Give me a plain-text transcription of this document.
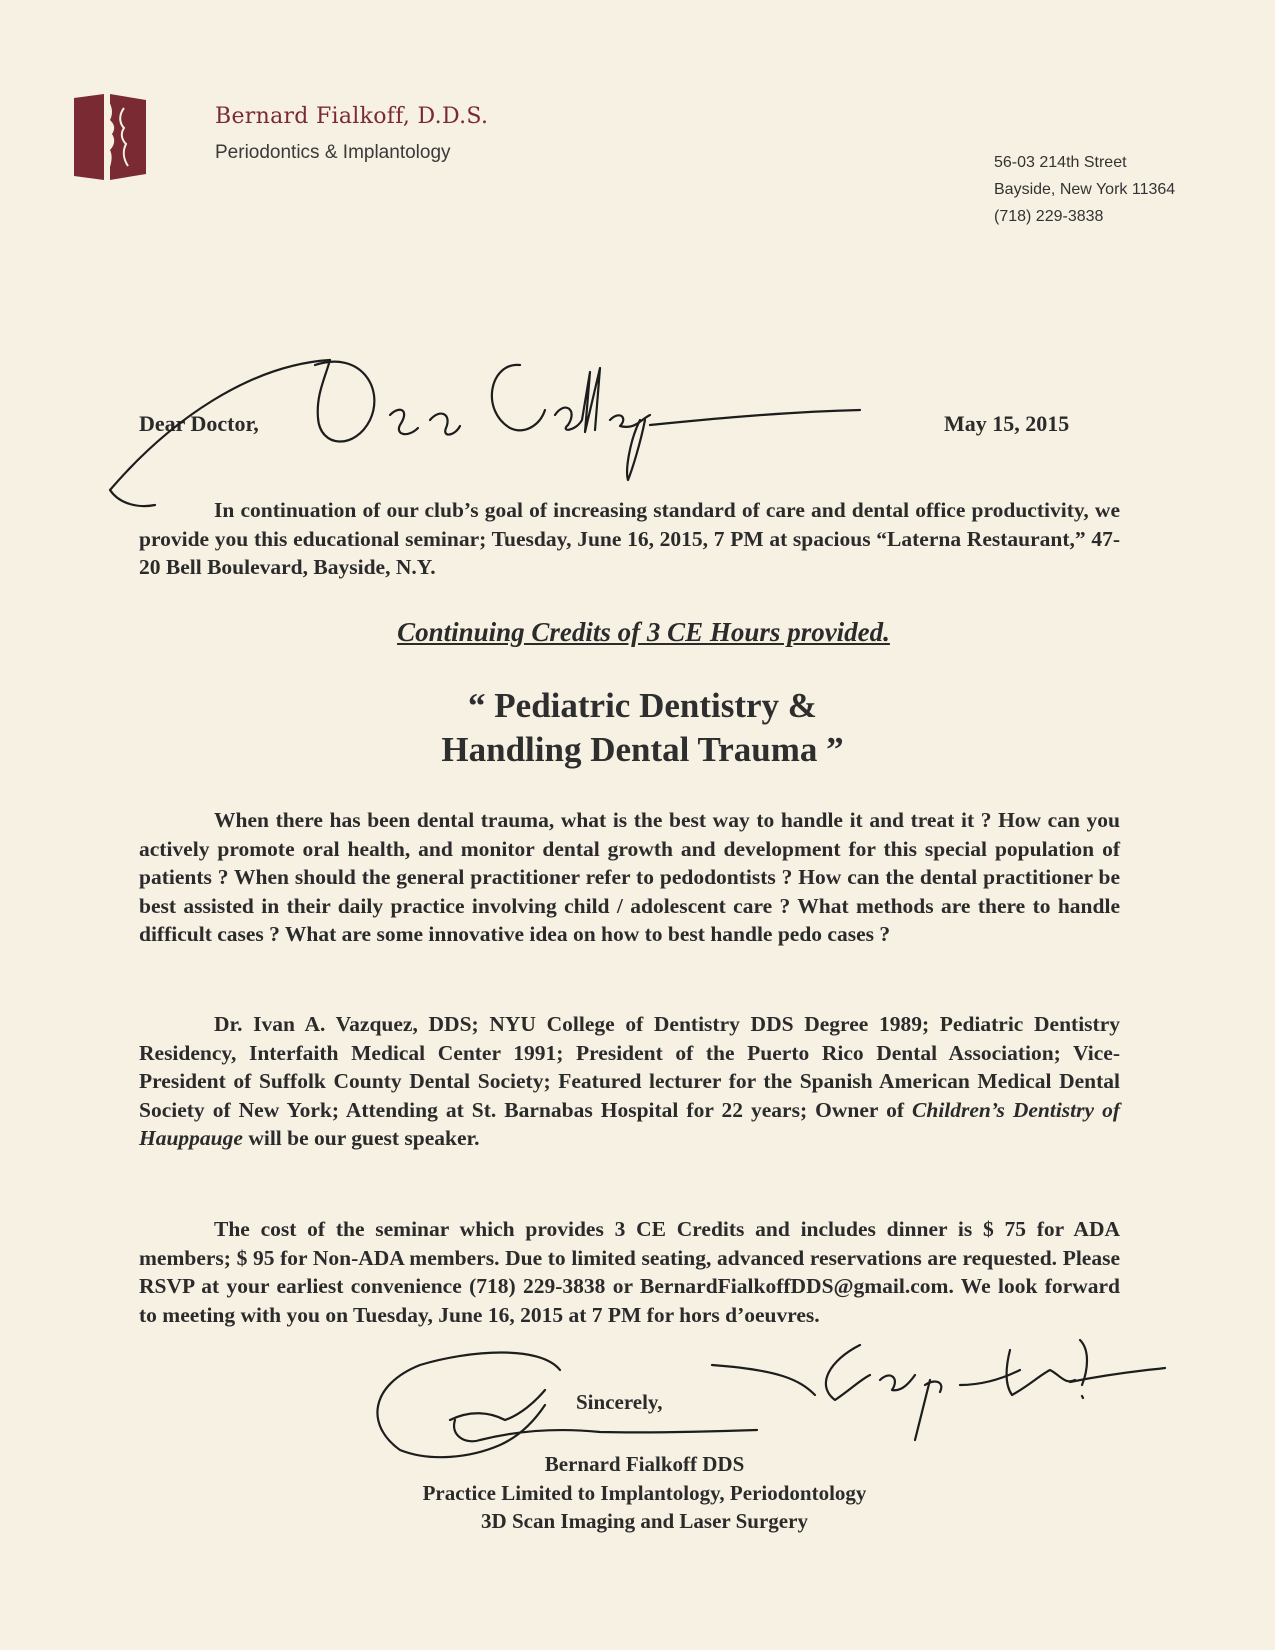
Bernard Fialkoff, D.D.S.
Periodontics & Implantology	56-03 214th Street
Bayside, New York 11364
(718) 229-3838
Dear Doctor,	May 15, 2015
In continuation of our club’s goal of increasing standard of care and dental office productivity, we provide you this educational seminar; Tuesday, June 16, 2015, 7 PM at spacious “Laterna Restaurant,” 47-20 Bell Boulevard, Bayside, N.Y.
Continuing Credits of 3 CE Hours provided.
“ Pediatric Dentistry &
Handling Dental Trauma ”
When there has been dental trauma, what is the best way to handle it and treat it ? How can you actively promote oral health, and monitor dental growth and development for this special population of patients ? When should the general practitioner refer to pedodontists ? How can the dental practitioner be best assisted in their daily practice involving child / adolescent care ? What methods are there to handle difficult cases ? What are some innovative idea on how to best handle pedo cases ?
Dr. Ivan A. Vazquez, DDS; NYU College of Dentistry DDS Degree 1989; Pediatric Dentistry Residency, Interfaith Medical Center 1991; President of the Puerto Rico Dental Association; Vice-President of Suffolk County Dental Society; Featured lecturer for the Spanish American Medical Dental Society of New York; Attending at St. Barnabas Hospital for 22 years; Owner of Children’s Dentistry of Hauppauge will be our guest speaker.
The cost of the seminar which provides 3 CE Credits and includes dinner is $ 75 for ADA members; $ 95 for Non-ADA members. Due to limited seating, advanced reservations are requested. Please RSVP at your earliest convenience (718) 229-3838 or BernardFialkoffDDS@gmail.com. We look forward to meeting with you on Tuesday, June 16, 2015 at 7 PM for hors d’oeuvres.
Sincerely,
Bernard Fialkoff DDS
Practice Limited to Implantology, Periodontology
3D Scan Imaging and Laser Surgery
